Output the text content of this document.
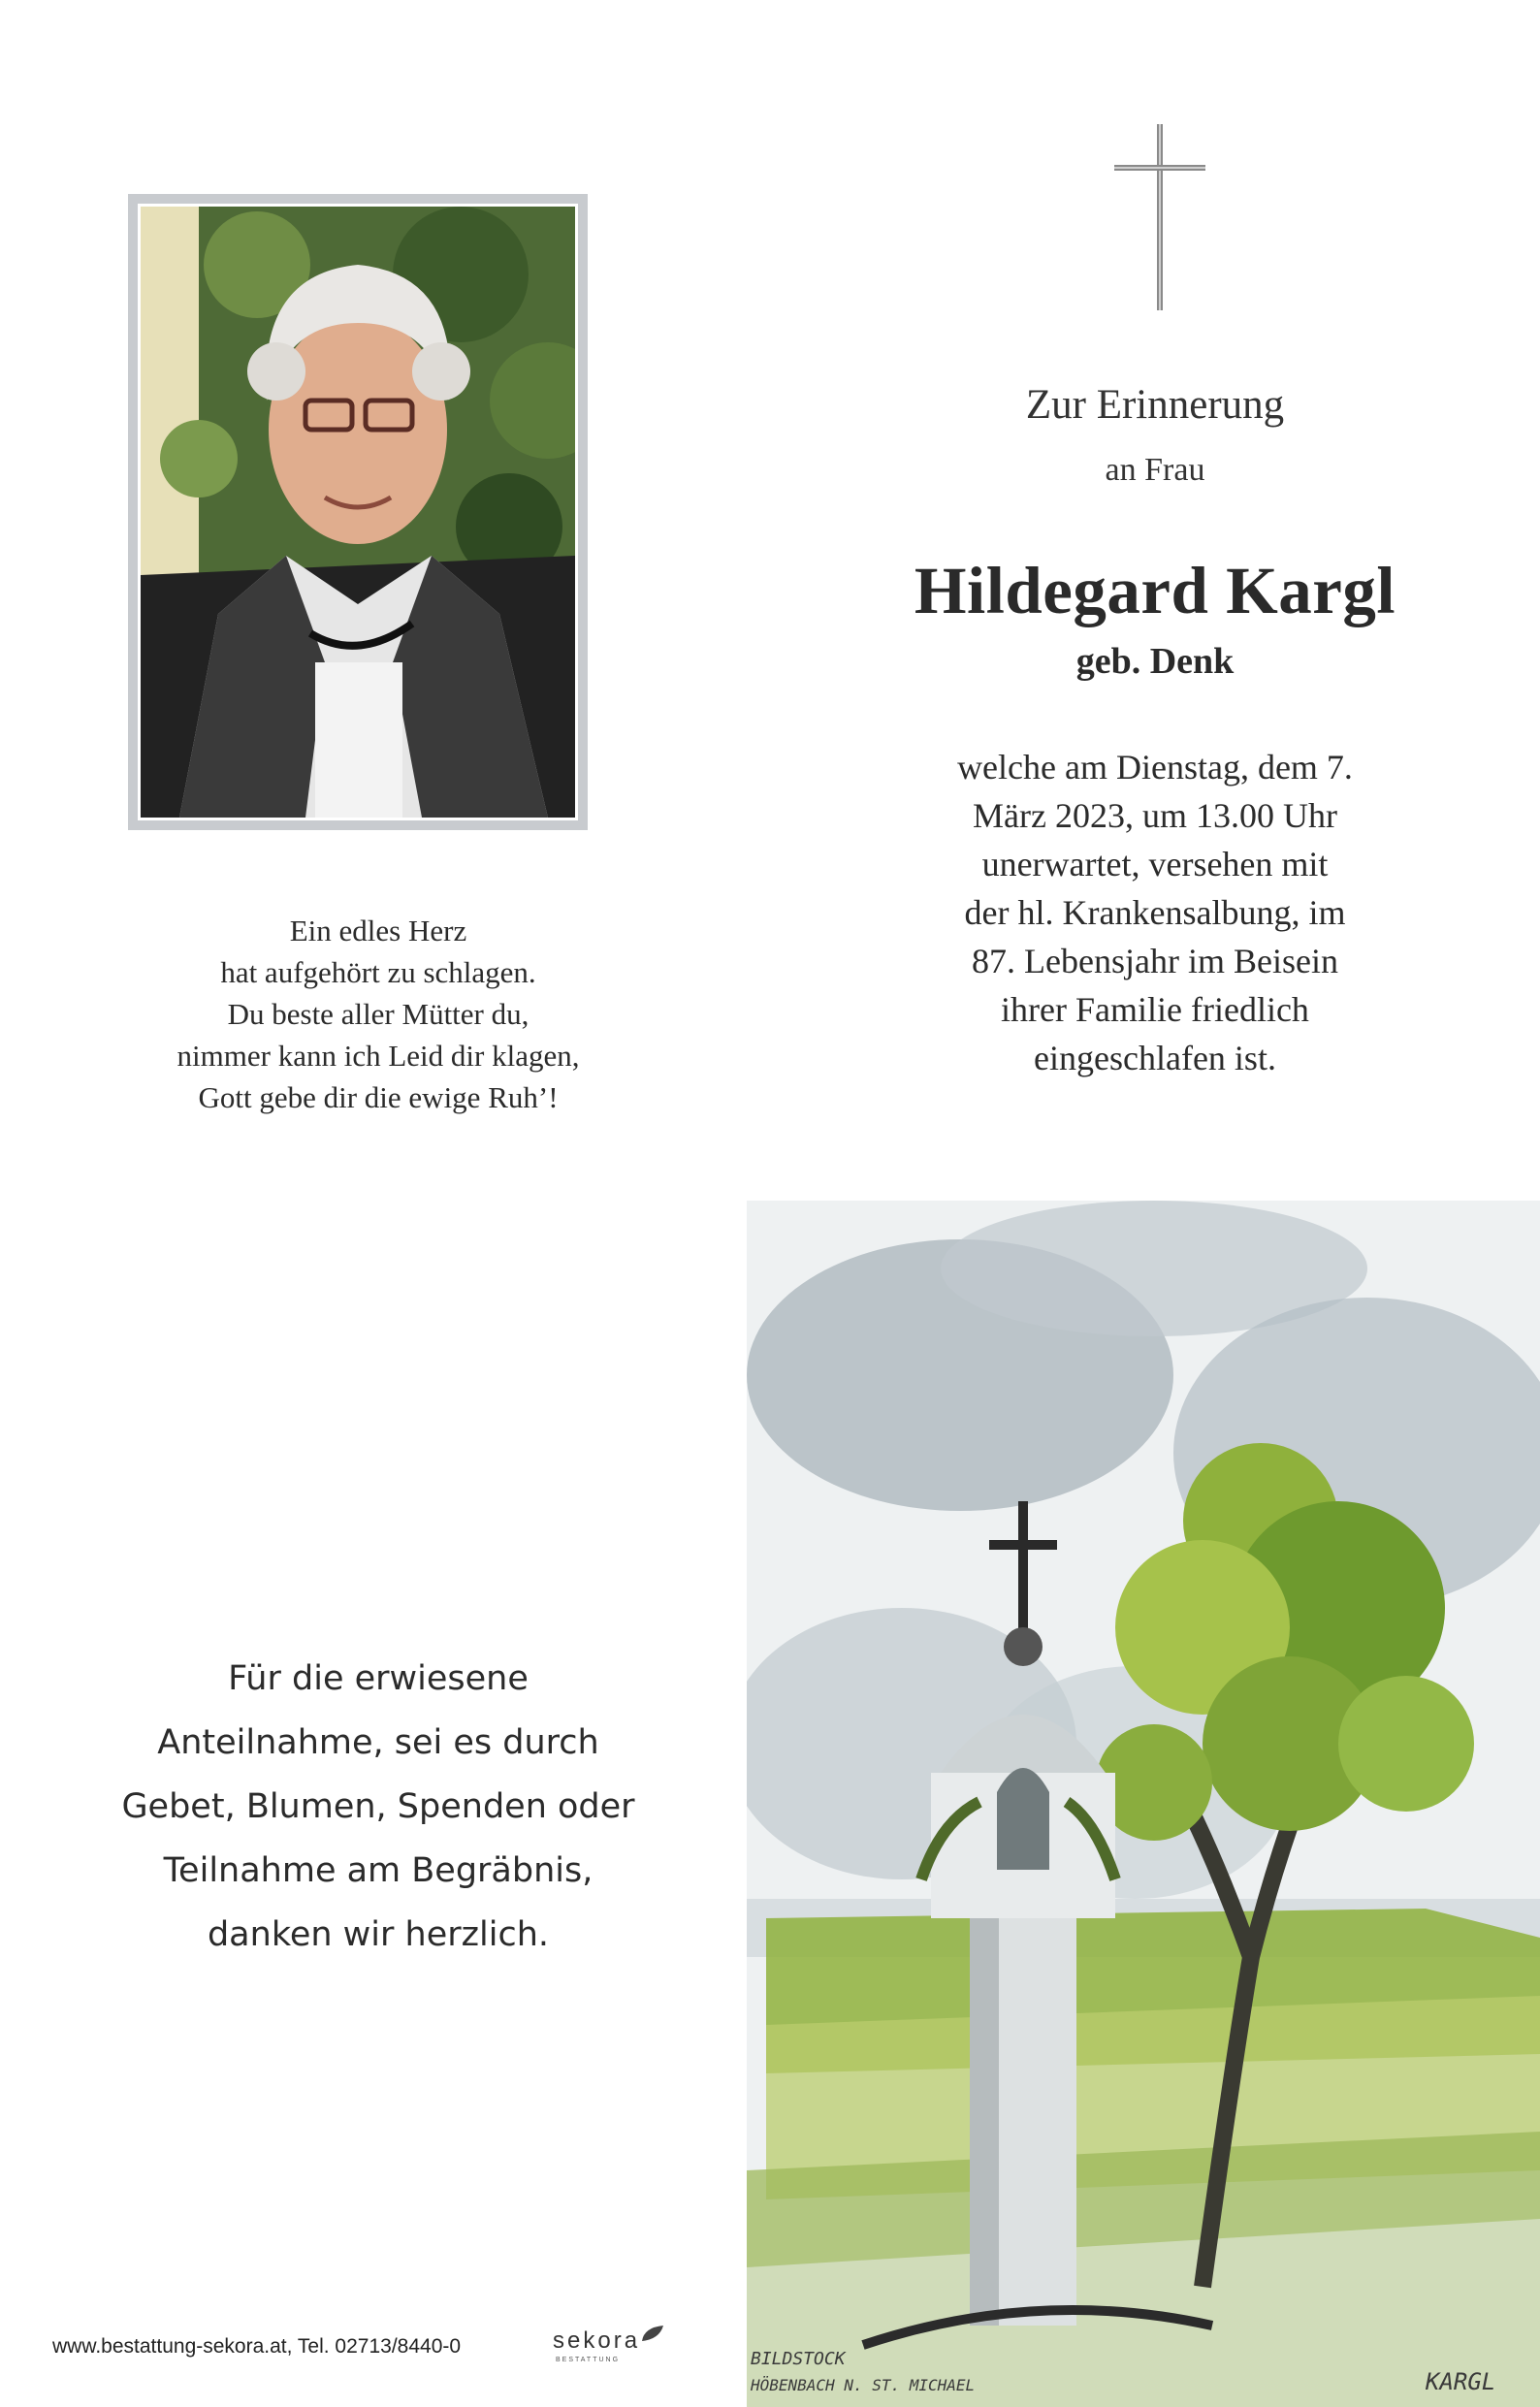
Ein edles Herz
hat aufgehört zu schlagen.
Du beste aller Mütter du,
nimmer kann ich Leid dir klagen,
Gott gebe dir die ewige Ruh’!
Zur Erinnerung
an Frau
Hildegard Kargl
geb. Denk
welche am Dienstag, dem 7.
März 2023, um 13.00 Uhr
unerwartet, versehen mit
der hl. Krankensalbung, im
87. Lebensjahr im Beisein
ihrer Familie friedlich
eingeschlafen ist.
Für die erwiesene
Anteilnahme, sei es durch
Gebet, Blumen, Spenden oder
Teilnahme am Begräbnis,
danken wir herzlich.
www.bestattung-sekora.at, Tel. 02713/8440-0	sekora
BESTATTUNG	BILDSTOCK
HÖBENBACH N. ST. MICHAEL	KARGL
